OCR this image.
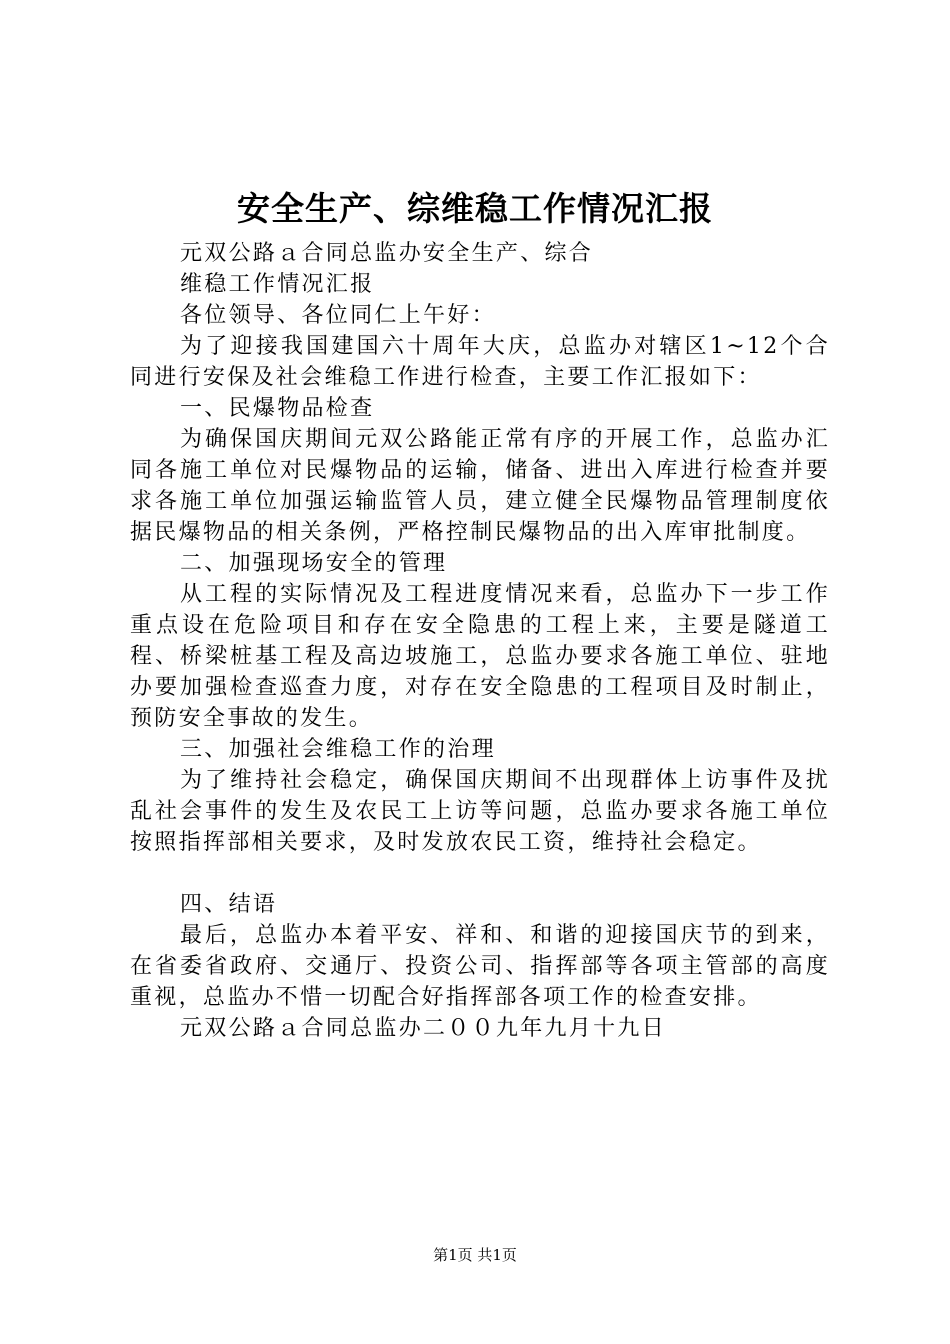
安全生产、综维稳工作情况汇报
元双公路ａ合同总监办安全生产、综合
维稳工作情况汇报
各位领导、各位同仁上午好：
为了迎接我国建国六十周年大庆，总监办对辖区1~12个合同进行安保及社会维稳工作进行检查，主要工作汇报如下：
一、民爆物品检查
为确保国庆期间元双公路能正常有序的开展工作，总监办汇同各施工单位对民爆物品的运输，储备、进出入库进行检查并要求各施工单位加强运输监管人员，建立健全民爆物品管理制度依据民爆物品的相关条例，严格控制民爆物品的出入库审批制度。
二、加强现场安全的管理
从工程的实际情况及工程进度情况来看，总监办下一步工作重点设在危险项目和存在安全隐患的工程上来，主要是隧道工程、桥梁桩基工程及高边坡施工，总监办要求各施工单位、驻地办要加强检查巡查力度，对存在安全隐患的工程项目及时制止，预防安全事故的发生。
三、加强社会维稳工作的治理
为了维持社会稳定，确保国庆期间不出现群体上访事件及扰乱社会事件的发生及农民工上访等问题，总监办要求各施工单位按照指挥部相关要求，及时发放农民工资，维持社会稳定。
四、结语
最后，总监办本着平安、祥和、和谐的迎接国庆节的到来，在省委省政府、交通厅、投资公司、指挥部等各项主管部的高度重视，总监办不惜一切配合好指挥部各项工作的检查安排。
元双公路ａ合同总监办二００九年九月十九日
第1页 共1页
